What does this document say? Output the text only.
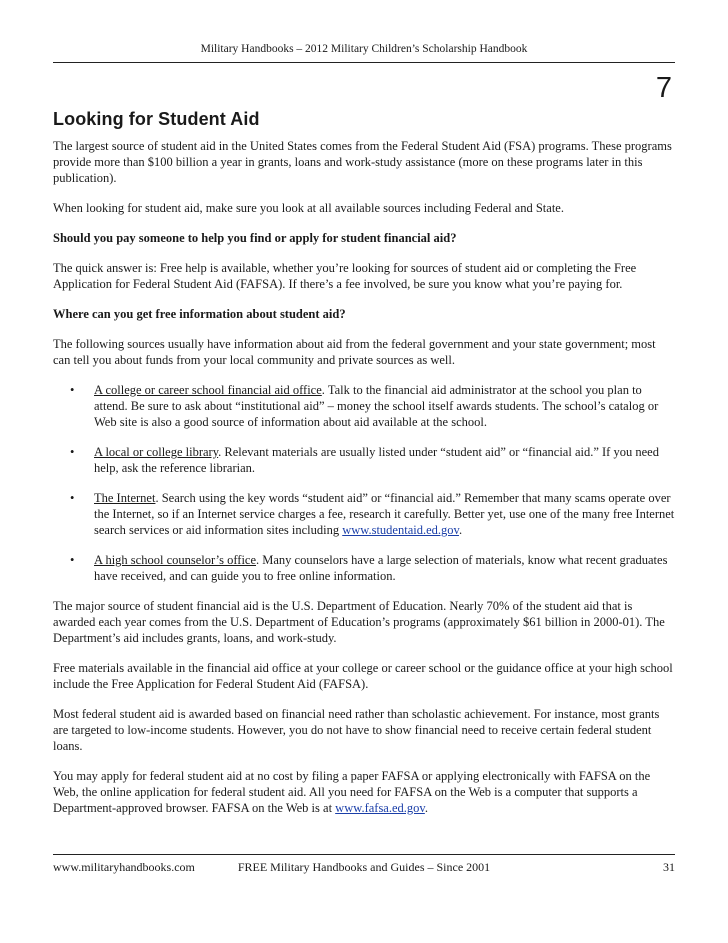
Military Handbooks – 2012 Military Children’s Scholarship Handbook
7
Looking for Student Aid

The largest source of student aid in the United States comes from the Federal Student Aid (FSA) programs. These programs provide more than $100 billion a year in grants, loans and work-study assistance (more on these programs later in this publication).

When looking for student aid, make sure you look at all available sources including Federal and State.

Should you pay someone to help you find or apply for student financial aid?

The quick answer is: Free help is available, whether you’re looking for sources of student aid or completing the Free Application for Federal Student Aid (FAFSA). If there’s a fee involved, be sure you know what you’re paying for.

Where can you get free information about student aid?

The following sources usually have information about aid from the federal government and your state government; most can tell you about funds from your local community and private sources as well.

• A college or career school financial aid office. Talk to the financial aid administrator at the school you plan to attend. Be sure to ask about “institutional aid” – money the school itself awards students. The school’s catalog or Web site is also a good source of information about aid available at the school.
• A local or college library. Relevant materials are usually listed under “student aid” or “financial aid.” If you need help, ask the reference librarian.
• The Internet. Search using the key words “student aid” or “financial aid.” Remember that many scams operate over the Internet, so if an Internet service charges a fee, research it carefully. Better yet, use one of the many free Internet search services or aid information sites including www.studentaid.ed.gov.
• A high school counselor’s office. Many counselors have a large selection of materials, know what recent graduates have received, and can guide you to free online information.

The major source of student financial aid is the U.S. Department of Education. Nearly 70% of the student aid that is awarded each year comes from the U.S. Department of Education’s programs (approximately $61 billion in 2000-01). The Department’s aid includes grants, loans, and work-study.

Free materials available in the financial aid office at your college or career school or the guidance office at your high school include the Free Application for Federal Student Aid (FAFSA).

Most federal student aid is awarded based on financial need rather than scholastic achievement. For instance, most grants are targeted to low-income students. However, you do not have to show financial need to receive certain federal student loans.

You may apply for federal student aid at no cost by filing a paper FAFSA or applying electronically with FAFSA on the Web, the online application for federal student aid. All you need for FAFSA on the Web is a computer that supports a Department-approved browser. FAFSA on the Web is at www.fafsa.ed.gov.

www.militaryhandbooks.com	FREE Military Handbooks and Guides – Since 2001	31
